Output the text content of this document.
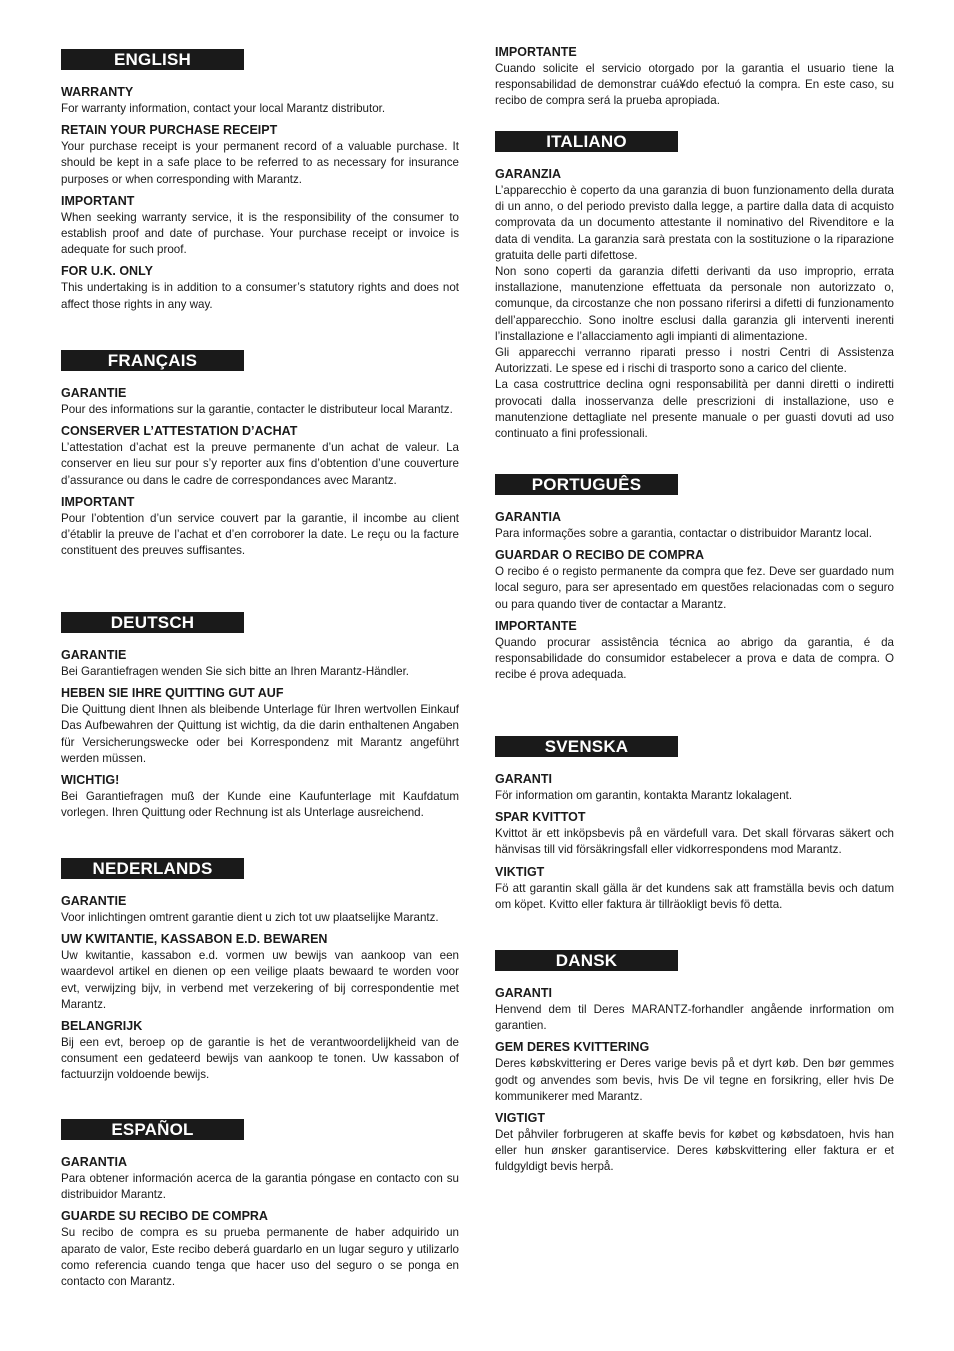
ENGLISH
WARRANTY

For warranty information, contact your local Marantz distributor.

RETAIN YOUR PURCHASE RECEIPT

Your purchase receipt is your permanent record of a valuable purchase. It should be kept in a safe place to be referred to as necessary for insurance purposes or when corresponding with Marantz.

IMPORTANT

When seeking warranty service, it is the responsibility of the consumer to establish proof and date of purchase. Your purchase receipt or invoice is adequate for such proof.

FOR U.K. ONLY

This undertaking is in addition to a consumer’s statutory rights and does not affect those rights in any way.

FRANÇAIS
GARANTIE

Pour des informations sur la garantie, contacter le distributeur local Marantz.

CONSERVER L’ATTESTATION D’ACHAT

L’attestation d’achat est la preuve permanente d’un achat de valeur. La conserver en lieu sur pour s’y reporter aux fins d’obtention d’une couverture d’assurance ou dans le cadre de correspondances avec Marantz.

IMPORTANT

Pour l’obtention d’un service couvert par la garantie, il incombe au client d’établir la preuve de l’achat et d’en corroborer la date. Le reçu ou la facture constituent des preuves suffisantes.

DEUTSCH
GARANTIE

Bei Garantiefragen wenden Sie sich bitte an Ihren Marantz-Händler.

HEBEN SIE IHRE QUITTING GUT AUF

Die Quittung dient Ihnen als bleibende Unterlage für Ihren wertvollen Einkauf Das Aufbewahren der Quittung ist wichtig, da die darin enthaltenen Angaben für Versicherungswecke oder bei Korrespondenz mit Marantz angeführt werden müssen.

WICHTIG!

Bei Garantiefragen muß der Kunde eine Kaufunterlage mit Kaufdatum vorlegen. Ihren Quittung oder Rechnung ist als Unterlage ausreichend.

NEDERLANDS
GARANTIE

Voor inlichtingen omtrent garantie dient u zich tot uw plaatselijke Marantz.

UW KWITANTIE, KASSABON E.D. BEWAREN

Uw kwitantie, kassabon e.d. vormen uw bewijs van aankoop van een waardevol artikel en dienen op een veilige plaats bewaard te worden voor evt, verwijzing bijv, in verbend met verzekering of bij correspondentie met Marantz.

BELANGRIJK

Bij een evt, beroep op de garantie is het de verantwoordelijkheid van de consument een gedateerd bewijs van aankoop te tonen. Uw kassabon of factuurzijn voldoende bewijs.

ESPAÑOL
GARANTIA

Para obtener información acerca de la garantia póngase en contacto con su distribuidor Marantz.

GUARDE SU RECIBO DE COMPRA

Su recibo de compra es su prueba permanente de haber adquirido un aparato de valor, Este recibo deberá guardarlo en un lugar seguro y utilizarlo como referencia cuando tenga que hacer uso del seguro o se ponga en contacto con Marantz.

IMPORTANTE

Cuando solicite el servicio otorgado por la garantia el usuario tiene la responsabilidad de demonstrar cuá¥do efectuó la compra. En este caso, su recibo de compra será la prueba apropiada.

ITALIANO
GARANZIA

L’apparecchio è coperto da una garanzia di buon funzionamento della durata di un anno, o del periodo previsto dalla legge, a partire dalla data di acquisto comprovata da un documento attestante il nominativo del Rivenditore e la data di vendita. La garanzia sarà prestata con la sostituzione o la riparazione gratuita delle parti difettose.

Non sono coperti da garanzia difetti derivanti da uso improprio, errata installazione, manutenzione effettuata da personale non autorizzato o, comunque, da circostanze che non possano riferirsi a difetti di funzionamento dell’apparecchio. Sono inoltre esclusi dalla garanzia gli interventi inerenti l’installazione e l’allacciamento agli impianti di alimentazione.

Gli apparecchi verranno riparati presso i nostri Centri di Assistenza Autorizzati. Le spese ed i rischi di trasporto sono a carico del cliente.

La casa costruttrice declina ogni responsabilità per danni diretti o indiretti provocati dalla inosservanza delle prescrizioni di installazione, uso e manutenzione dettagliate nel presente manuale o per guasti dovuti ad uso continuato a fini professionali.

PORTUGUÊS
GARANTIA

Para informações sobre a garantia, contactar o distribuidor Marantz local.

GUARDAR O RECIBO DE COMPRA

O recibo é o registo permanente da compra que fez. Deve ser guardado num local seguro, para ser apresentado em questões relacionadas com o seguro ou para quando tiver de contactar a Marantz.

IMPORTANTE

Quando procurar assistência técnica ao abrigo da garantia, é da responsabilidade do consumidor estabelecer a prova e data de compra. O recibe é prova adequada.

SVENSKA
GARANTI

För information om garantin, kontakta Marantz lokalagent.

SPAR KVITTOT

Kvittot är ett inköpsbevis på en värdefull vara. Det skall förvaras säkert och hänvisas till vid försäkringsfall eller vidkorrespondens mod Marantz.

VIKTIGT

Fö att garantin skall gälla är det kundens sak att framställa bevis och datum om köpet. Kvitto eller faktura är tillräokligt bevis fö detta.

DANSK
GARANTI

Henvend dem til Deres MARANTZ-forhandler angående inrformation om garantien.

GEM DERES KVITTERING

Deres købskvittering er Deres varige bevis på et dyrt køb. Den bør gemmes godt og anvendes som bevis, hvis De vil tegne en forsikring, eller hvis De kommunikerer med Marantz.

VIGTIGT

Det påhviler forbrugeren at skaffe bevis for købet og købsdatoen, hvis han eller hun ønsker garantiservice. Deres købskvittering eller faktura er et fuldgyldigt bevis herpå.
